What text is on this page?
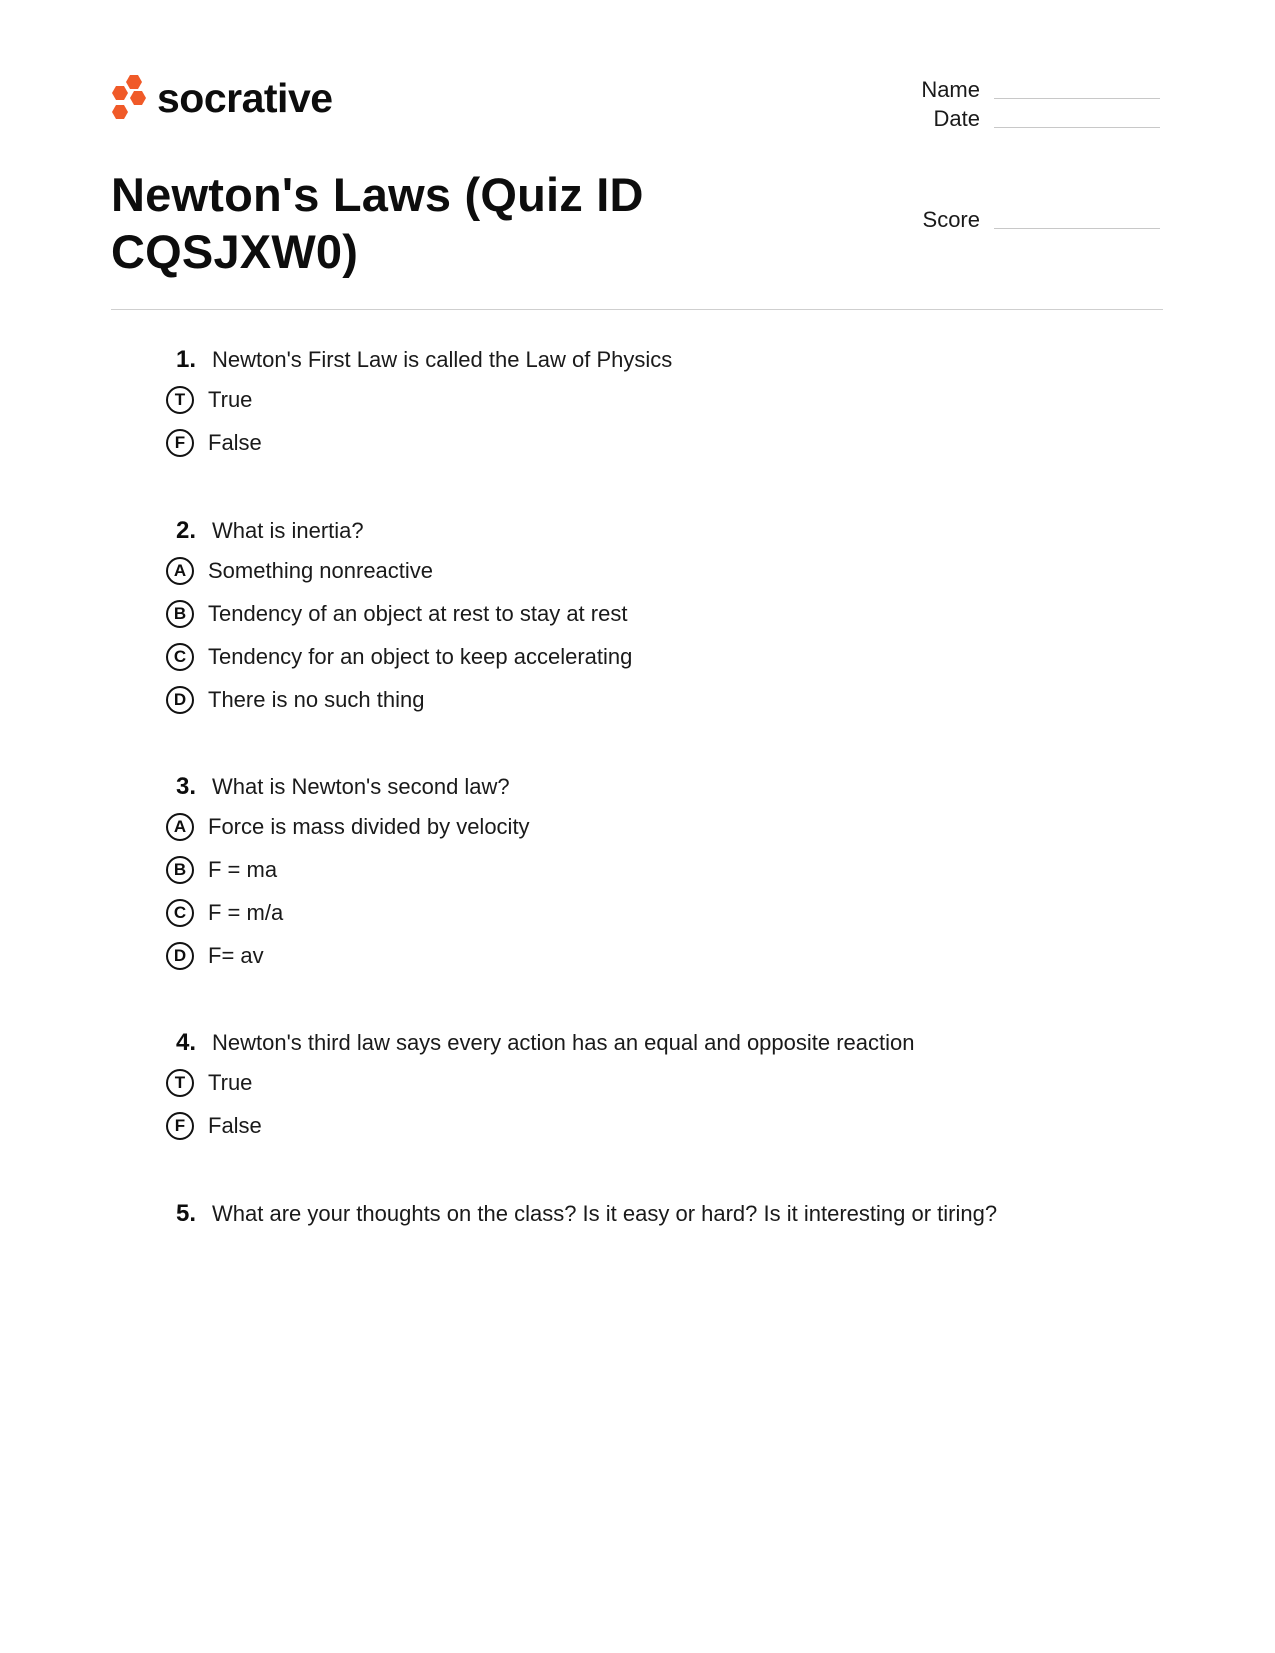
socrative	Name
Date
Score
Newton's Laws (Quiz ID CQSJXW0)
1. Newton's First Law is called the Law of Physics
T	True
F	False
2. What is inertia?
A Something nonreactive
B Tendency of an object at rest to stay at rest
C Tendency for an object to keep accelerating
D There is no such thing
3. What is Newton's second law?
A Force is mass divided by velocity
B F = ma
C F = m/a
D F= av
4. Newton's third law says every action has an equal and opposite reaction
T	True
F	False
5. What are your thoughts on the class? Is it easy or hard? Is it interesting or tiring?
